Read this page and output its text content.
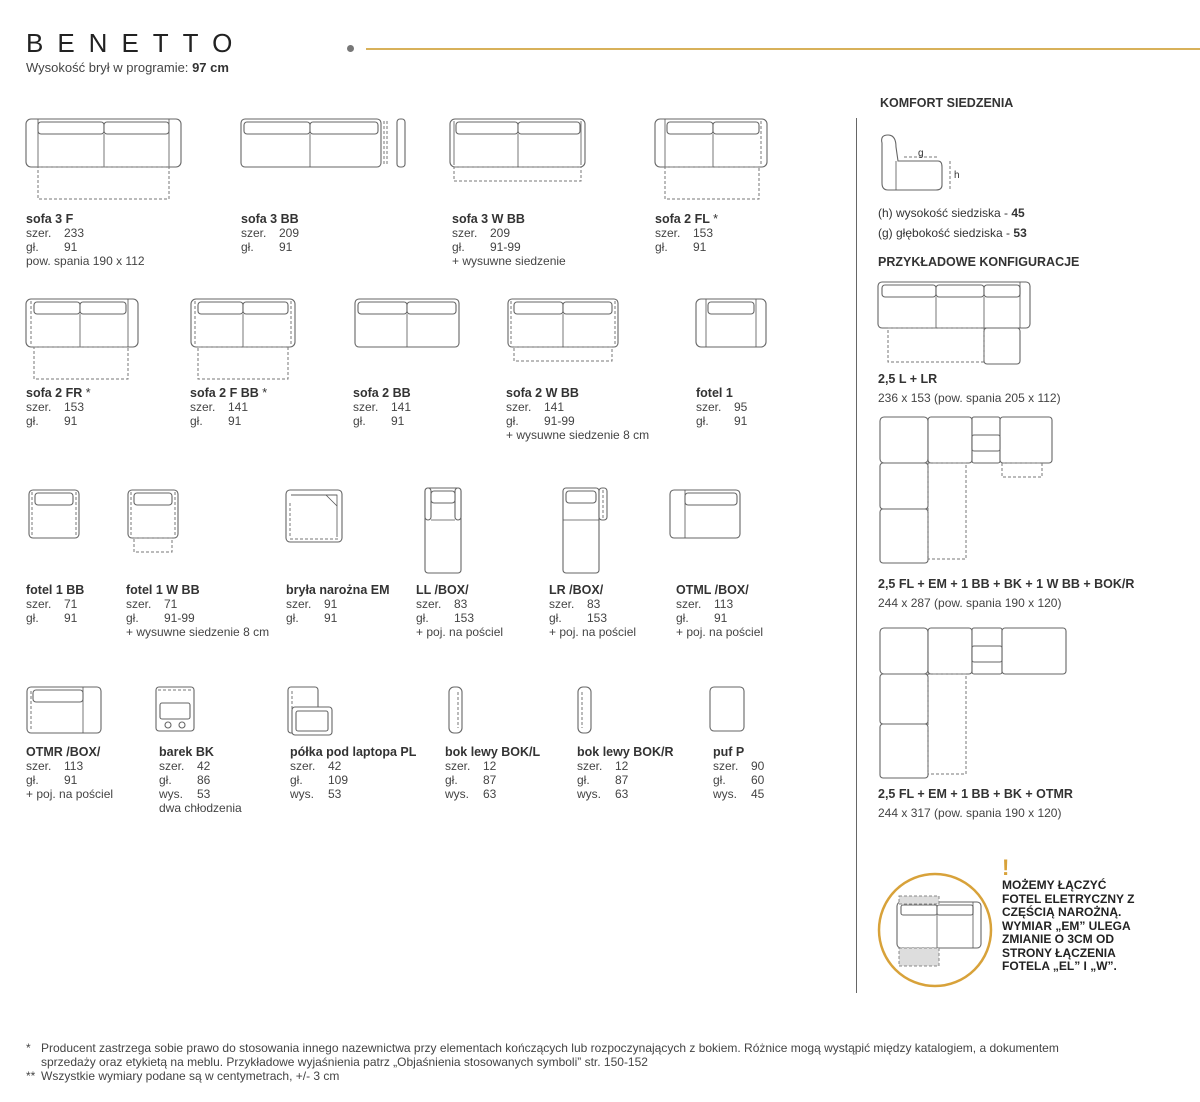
BENETTO
Wysokość brył w programie: 97 cm
sofa 3 F
szer.	233
gł.	91
pow. spania 190 x 112
sofa 3 BB
szer.	209
gł.	91
sofa 3 W BB
szer.	209
gł.	91-99
+ wysuwne siedzenie
sofa 2 FL *
szer.	153
gł.	91
sofa 2 FR *
szer.	153
gł.	91
sofa 2 F BB *
szer.	141
gł.	91
sofa 2 BB
szer.	141
gł.	91
sofa 2 W BB
szer.	141
gł.	91-99
+ wysuwne siedzenie 8 cm
fotel 1
szer.	95
gł.	91
fotel 1 BB
szer.	71
gł.	91
fotel 1 W BB
szer.	71
gł.	91-99
+ wysuwne siedzenie 8 cm
bryła narożna EM
szer.	91
gł.	91
LL /BOX/
szer.	83
gł.	153
+ poj. na pościel
LR /BOX/
szer.	83
gł.	153
+ poj. na pościel
OTML /BOX/
szer.	113
gł.	91
+ poj. na pościel
OTMR /BOX/
szer.	113
gł.	91
+ poj. na pościel
barek BK
szer.	42
gł.	86
wys.	53
dwa chłodzenia
półka pod laptopa PL
szer.	42
gł.	109
wys.	53
bok lewy BOK/L
szer.	12
gł.	87
wys.	63
bok lewy BOK/R
szer.	12
gł.	87
wys.	63
puf P
szer.	90
gł.	60
wys.	45
KOMFORT SIEDZENIA
g
h
(h) wysokość siedziska - 45
(g) głębokość siedziska - 53
PRZYKŁADOWE KONFIGURACJE
2,5 L + LR
236 x 153 (pow. spania 205 x 112)
2,5 FL + EM + 1 BB + BK + 1 W BB + BOK/R
244 x 287 (pow. spania 190 x 120)
2,5 FL + EM + 1 BB + BK + OTMR
244 x 317 (pow. spania 190 x 120)
!
MOŻEMY ŁĄCZYĆ FOTEL ELETRYCZNY Z CZĘŚCIĄ NAROŻNĄ. WYMIAR „EM” ULEGA ZMIANIE O 3CM OD STRONY ŁĄCZENIA FOTELA „EL” I „W”.
* Producent zastrzega sobie prawo do stosowania innego nazewnictwa przy elementach kończących lub rozpoczynających z bokiem. Różnice mogą wystąpić między katalogiem, a dokumentem
sprzedaży oraz etykietą na meblu. Przykładowe wyjaśnienia patrz „Objaśnienia stosowanych symboli” str. 150-152
** Wszystkie wymiary podane są w centymetrach, +/- 3 cm
